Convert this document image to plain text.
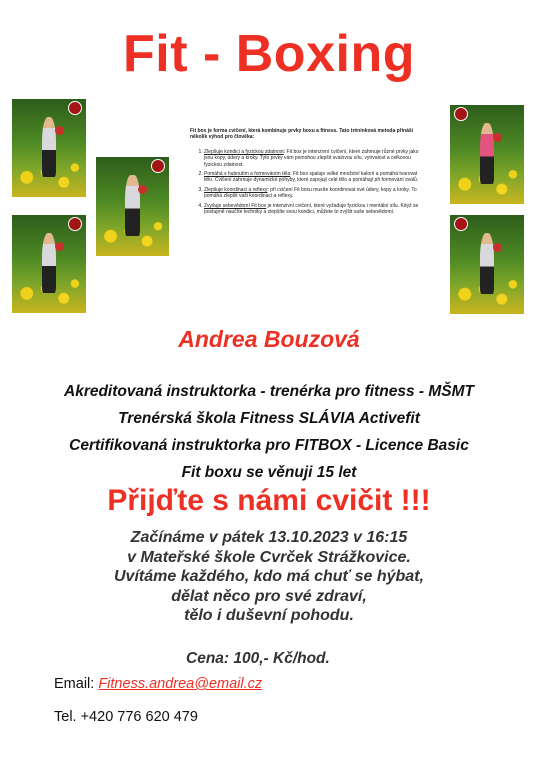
Fit - Boxing

Fit box je forma cvičení, která kombinuje prvky boxu a fitness. Tato tréninková metoda přináší několik výhod pro člověka:

1. Zlepšuje kondici a fyzickou zdatnost: Fit box je intenzivní cvičení, které zahrnuje různé prvky jako jsou kopy, údery a kroky. Tyto prvky vám pomohou zlepšit svalovou sílu, vytrvalost a celkovou fyzickou zdatnost.
2. Pomáhá s hubnutím a formováním těla: Fit box spaluje velké množství kalorií a pomáhá tvarovat tělo. Cvičení zahrnuje dynamické pohyby, které zapojují celé tělo a pomáhají při formování svalů.
3. Zlepšuje koordinaci a reflexy: při cvičení Fit boxu musíte koordinovat své údery, kopy a kroky. To pomáhá zlepšit vaši koordinaci a reflexy.
4. Zvyšuje sebevědomí Fit box je intenzivní cvičení, které vyžaduje fyzickou i mentální sílu. Když se postupně naučíte techniky a zlepšíte svou kondici, můžete to zvýšit vaše sebevědomí.
Andrea Bouzová
Akreditovaná instruktorka - trenérka pro fitness - MŠMT
Trenérská škola Fitness SLÁVIA Activefit
Certifikovaná instruktorka pro FITBOX - Licence Basic
Fit boxu se věnuji 15 let
Přijďte s námi cvičit !!!
Začínáme v pátek 13.10.2023 v 16:15
v Mateřské škole Cvrček Strážkovice.
Uvítáme každého, kdo má chuť se hýbat,
dělat něco pro své zdraví,
tělo i duševní pohodu.
Cena: 100,- Kč/hod.
Email: Fitness.andrea@email.cz
Tel. +420 776 620 479
